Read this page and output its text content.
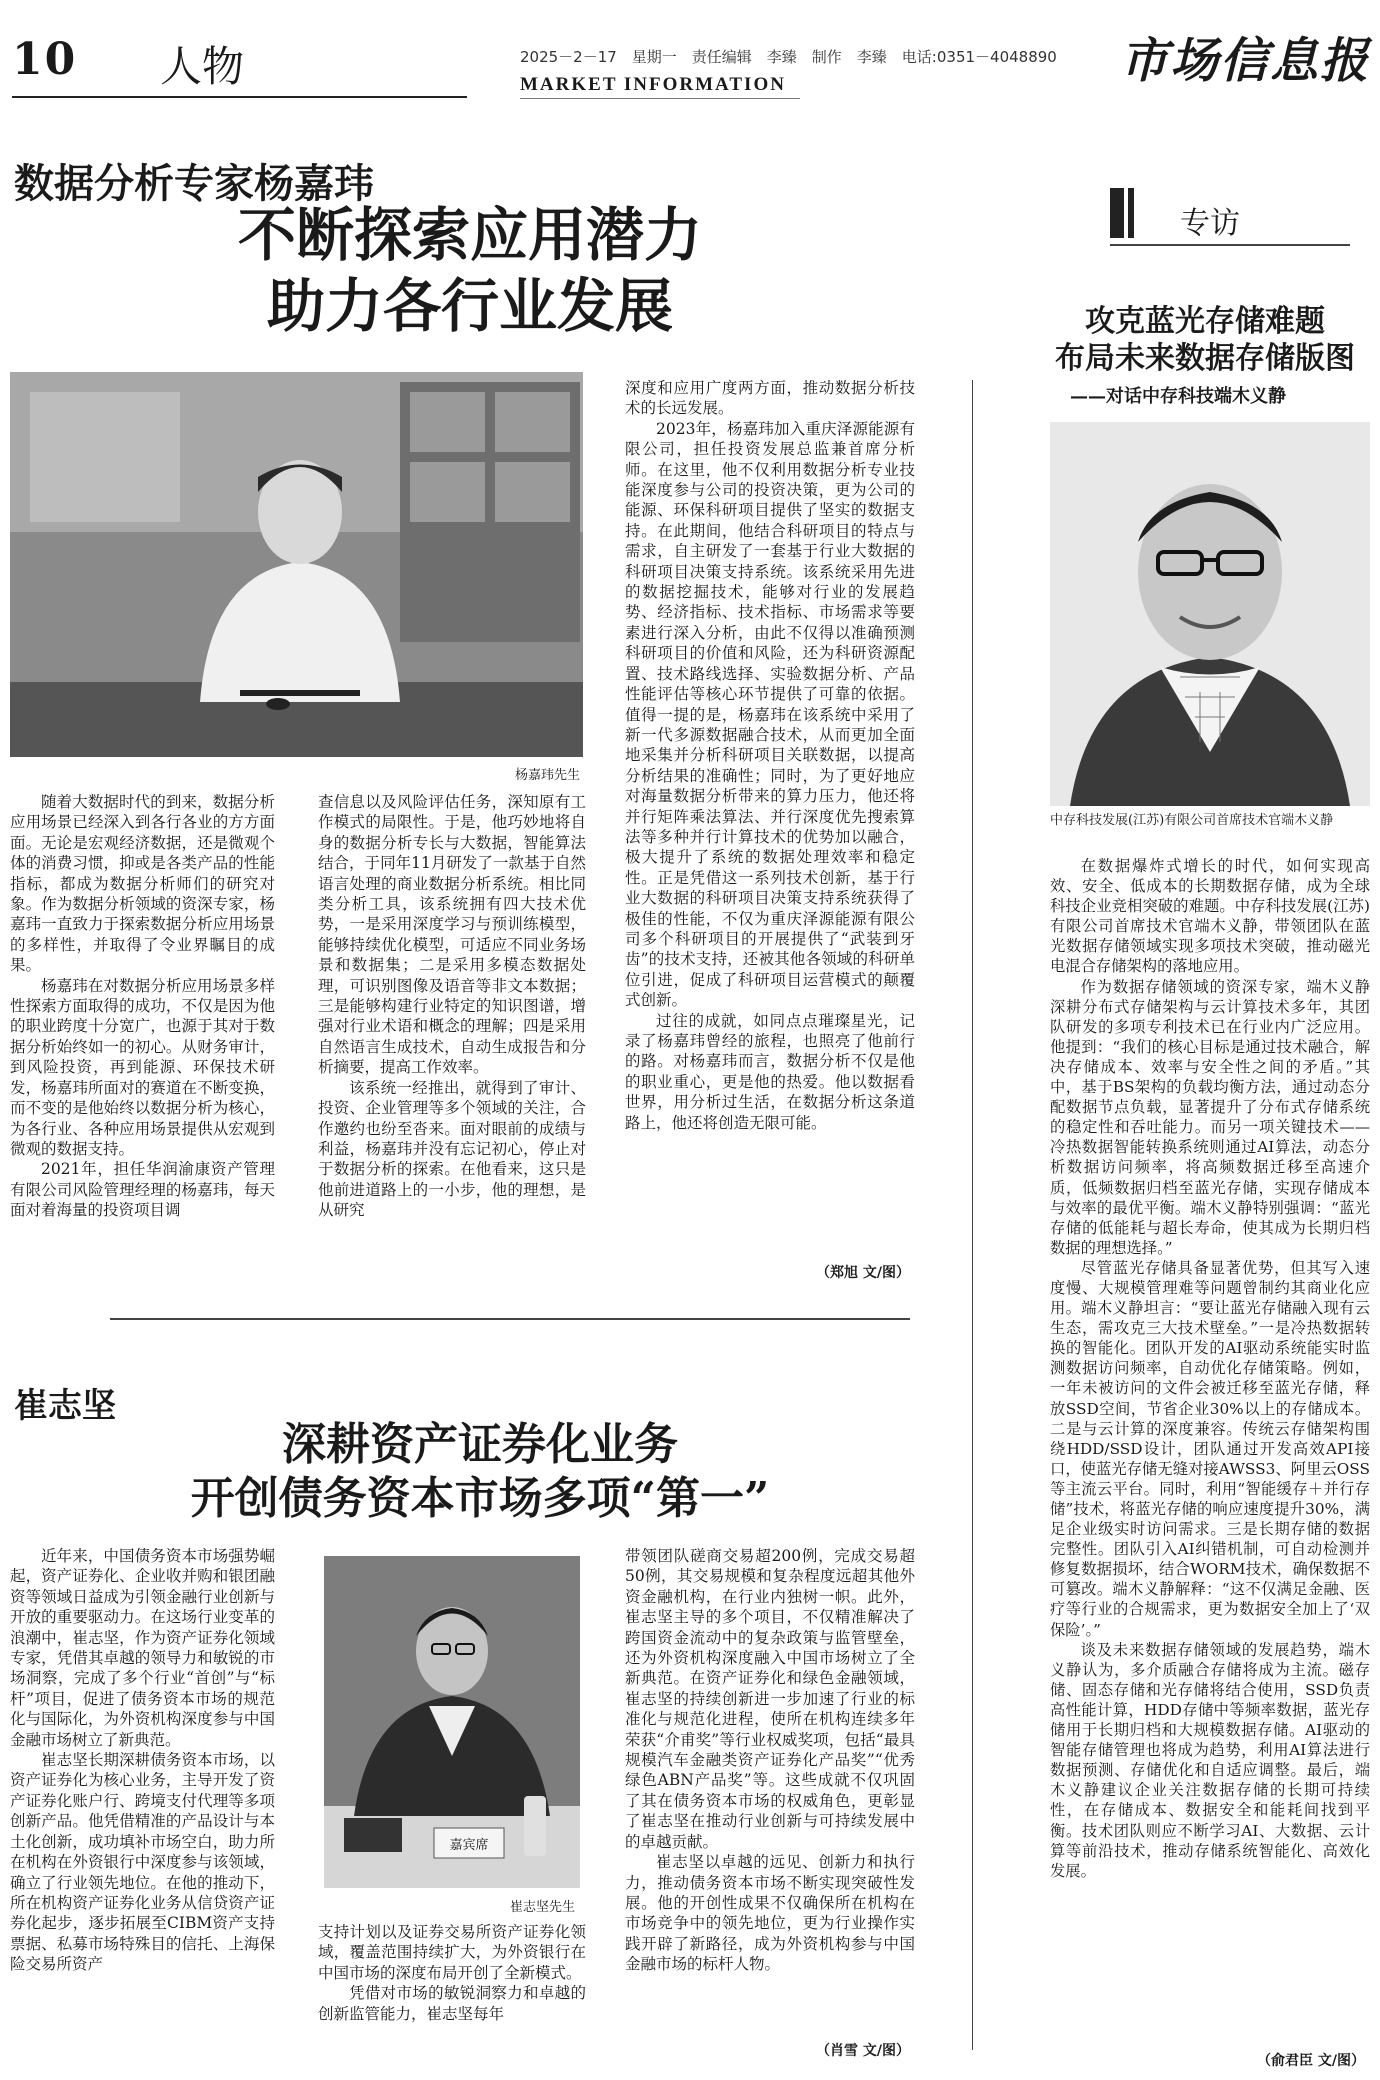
10 人物	2025－2－17　星期一　责任编辑　李臻　制作　李臻　电话:0351－4048890
MARKET INFORMATION	市场信息报
数据分析专家杨嘉玮
不断探索应用潜力
助力各行业发展
杨嘉玮先生

随着大数据时代的到来，数据分析应用场景已经深入到各行各业的方方面面。无论是宏观经济数据，还是微观个体的消费习惯，抑或是各类产品的性能指标，都成为数据分析师们的研究对象。作为数据分析领域的资深专家，杨嘉玮一直致力于探索数据分析应用场景的多样性，并取得了令业界瞩目的成果。

杨嘉玮在对数据分析应用场景多样性探索方面取得的成功，不仅是因为他的职业跨度十分宽广，也源于其对于数据分析始终如一的初心。从财务审计，到风险投资，再到能源、环保技术研发，杨嘉玮所面对的赛道在不断变换，而不变的是他始终以数据分析为核心，为各行业、各种应用场景提供从宏观到微观的数据支持。

2021年，担任华润渝康资产管理有限公司风险管理经理的杨嘉玮，每天面对着海量的投资项目调

查信息以及风险评估任务，深知原有工作模式的局限性。于是，他巧妙地将自身的数据分析专长与大数据，智能算法结合，于同年11月研发了一款基于自然语言处理的商业数据分析系统。相比同类分析工具，该系统拥有四大技术优势，一是采用深度学习与预训练模型，能够持续优化模型，可适应不同业务场景和数据集；二是采用多模态数据处理，可识别图像及语音等非文本数据；三是能够构建行业特定的知识图谱，增强对行业术语和概念的理解；四是采用自然语言生成技术，自动生成报告和分析摘要，提高工作效率。

该系统一经推出，就得到了审计、投资、企业管理等多个领域的关注，合作邀约也纷至沓来。面对眼前的成绩与利益，杨嘉玮并没有忘记初心，停止对于数据分析的探索。在他看来，这只是他前进道路上的一小步，他的理想，是从研究

深度和应用广度两方面，推动数据分析技术的长远发展。

2023年，杨嘉玮加入重庆泽源能源有限公司，担任投资发展总监兼首席分析师。在这里，他不仅利用数据分析专业技能深度参与公司的投资决策，更为公司的能源、环保科研项目提供了坚实的数据支持。在此期间，他结合科研项目的特点与需求，自主研发了一套基于行业大数据的科研项目决策支持系统。该系统采用先进的数据挖掘技术，能够对行业的发展趋势、经济指标、技术指标、市场需求等要素进行深入分析，由此不仅得以准确预测科研项目的价值和风险，还为科研资源配置、技术路线选择、实验数据分析、产品性能评估等核心环节提供了可靠的依据。值得一提的是，杨嘉玮在该系统中采用了新一代多源数据融合技术，从而更加全面地采集并分析科研项目关联数据，以提高分析结果的准确性；同时，为了更好地应对海量数据分析带来的算力压力，他还将并行矩阵乘法算法、并行深度优先搜索算法等多种并行计算技术的优势加以融合，极大提升了系统的数据处理效率和稳定性。正是凭借这一系列技术创新，基于行业大数据的科研项目决策支持系统获得了极佳的性能，不仅为重庆泽源能源有限公司多个科研项目的开展提供了“武装到牙齿”的技术支持，还被其他各领域的科研单位引进，促成了科研项目运营模式的颠覆式创新。

过往的成就，如同点点璀璨星光，记录了杨嘉玮曾经的旅程，也照亮了他前行的路。对杨嘉玮而言，数据分析不仅是他的职业重心，更是他的热爱。他以数据看世界，用分析过生活，在数据分析这条道路上，他还将创造无限可能。

（郑旭 文/图）
专访
攻克蓝光存储难题
布局未来数据存储版图
——对话中存科技端木义静
中存科技发展(江苏)有限公司首席技术官端木义静

在数据爆炸式增长的时代，如何实现高效、安全、低成本的长期数据存储，成为全球科技企业竞相突破的难题。中存科技发展(江苏)有限公司首席技术官端木义静，带领团队在蓝光数据存储领域实现多项技术突破，推动磁光电混合存储架构的落地应用。

作为数据存储领域的资深专家，端木义静深耕分布式存储架构与云计算技术多年，其团队研发的多项专利技术已在行业内广泛应用。他提到：“我们的核心目标是通过技术融合，解决存储成本、效率与安全性之间的矛盾。”其中，基于BS架构的负载均衡方法，通过动态分配数据节点负载，显著提升了分布式存储系统的稳定性和吞吐能力。而另一项关键技术——冷热数据智能转换系统则通过AI算法，动态分析数据访问频率，将高频数据迁移至高速介质，低频数据归档至蓝光存储，实现存储成本与效率的最优平衡。端木义静特别强调：“蓝光存储的低能耗与超长寿命，使其成为长期归档数据的理想选择。”

尽管蓝光存储具备显著优势，但其写入速度慢、大规模管理难等问题曾制约其商业化应用。端木义静坦言：“要让蓝光存储融入现有云生态，需攻克三大技术壁垒。”一是冷热数据转换的智能化。团队开发的AI驱动系统能实时监测数据访问频率，自动优化存储策略。例如，一年未被访问的文件会被迁移至蓝光存储，释放SSD空间，节省企业30%以上的存储成本。二是与云计算的深度兼容。传统云存储架构围绕HDD/SSD设计，团队通过开发高效API接口，使蓝光存储无缝对接AWSS3、阿里云OSS等主流云平台。同时，利用“智能缓存＋并行存储”技术，将蓝光存储的响应速度提升30%，满足企业级实时访问需求。三是长期存储的数据完整性。团队引入AI纠错机制，可自动检测并修复数据损坏，结合WORM技术，确保数据不可篡改。端木义静解释：“这不仅满足金融、医疗等行业的合规需求，更为数据安全加上了‘双保险’。”

谈及未来数据存储领域的发展趋势，端木义静认为，多介质融合存储将成为主流。磁存储、固态存储和光存储将结合使用，SSD负责高性能计算，HDD存储中等频率数据，蓝光存储用于长期归档和大规模数据存储。AI驱动的智能存储管理也将成为趋势，利用AI算法进行数据预测、存储优化和自适应调整。最后，端木义静建议企业关注数据存储的长期可持续性，在存储成本、数据安全和能耗间找到平衡。技术团队则应不断学习AI、大数据、云计算等前沿技术，推动存储系统智能化、高效化发展。

（俞君臣 文/图）
崔志坚
深耕资产证券化业务
开创债务资本市场多项“第一”

近年来，中国债务资本市场强势崛起，资产证券化、企业收并购和银团融资等领域日益成为引领金融行业创新与开放的重要驱动力。在这场行业变革的浪潮中，崔志坚，作为资产证券化领域专家，凭借其卓越的领导力和敏锐的市场洞察，完成了多个行业“首创”与“标杆”项目，促进了债务资本市场的规范化与国际化，为外资机构深度参与中国金融市场树立了新典范。

崔志坚长期深耕债务资本市场，以资产证券化为核心业务，主导开发了资产证券化账户行、跨境支付代理等多项创新产品。他凭借精准的产品设计与本土化创新，成功填补市场空白，助力所在机构在外资银行中深度参与该领域，确立了行业领先地位。在他的推动下，所在机构资产证券化业务从信贷资产证券化起步，逐步拓展至CIBM资产支持票据、私募市场特殊目的信托、上海保险交易所资产

嘉宾席
崔志坚先生

支持计划以及证券交易所资产证券化领域，覆盖范围持续扩大，为外资银行在中国市场的深度布局开创了全新模式。

凭借对市场的敏锐洞察力和卓越的创新监管能力，崔志坚每年

带领团队磋商交易超200例，完成交易超50例，其交易规模和复杂程度远超其他外资金融机构，在行业内独树一帜。此外，崔志坚主导的多个项目，不仅精准解决了跨国资金流动中的复杂政策与监管壁垒，还为外资机构深度融入中国市场树立了全新典范。在资产证券化和绿色金融领域，崔志坚的持续创新进一步加速了行业的标准化与规范化进程，使所在机构连续多年荣获“介甫奖”等行业权威奖项，包括“最具规模汽车金融类资产证券化产品奖”“优秀绿色ABN产品奖”等。这些成就不仅巩固了其在债务资本市场的权威角色，更彰显了崔志坚在推动行业创新与可持续发展中的卓越贡献。

崔志坚以卓越的远见、创新力和执行力，推动债务资本市场不断实现突破性发展。他的开创性成果不仅确保所在机构在市场竞争中的领先地位，更为行业操作实践开辟了新路径，成为外资机构参与中国金融市场的标杆人物。

（肖雪 文/图）
